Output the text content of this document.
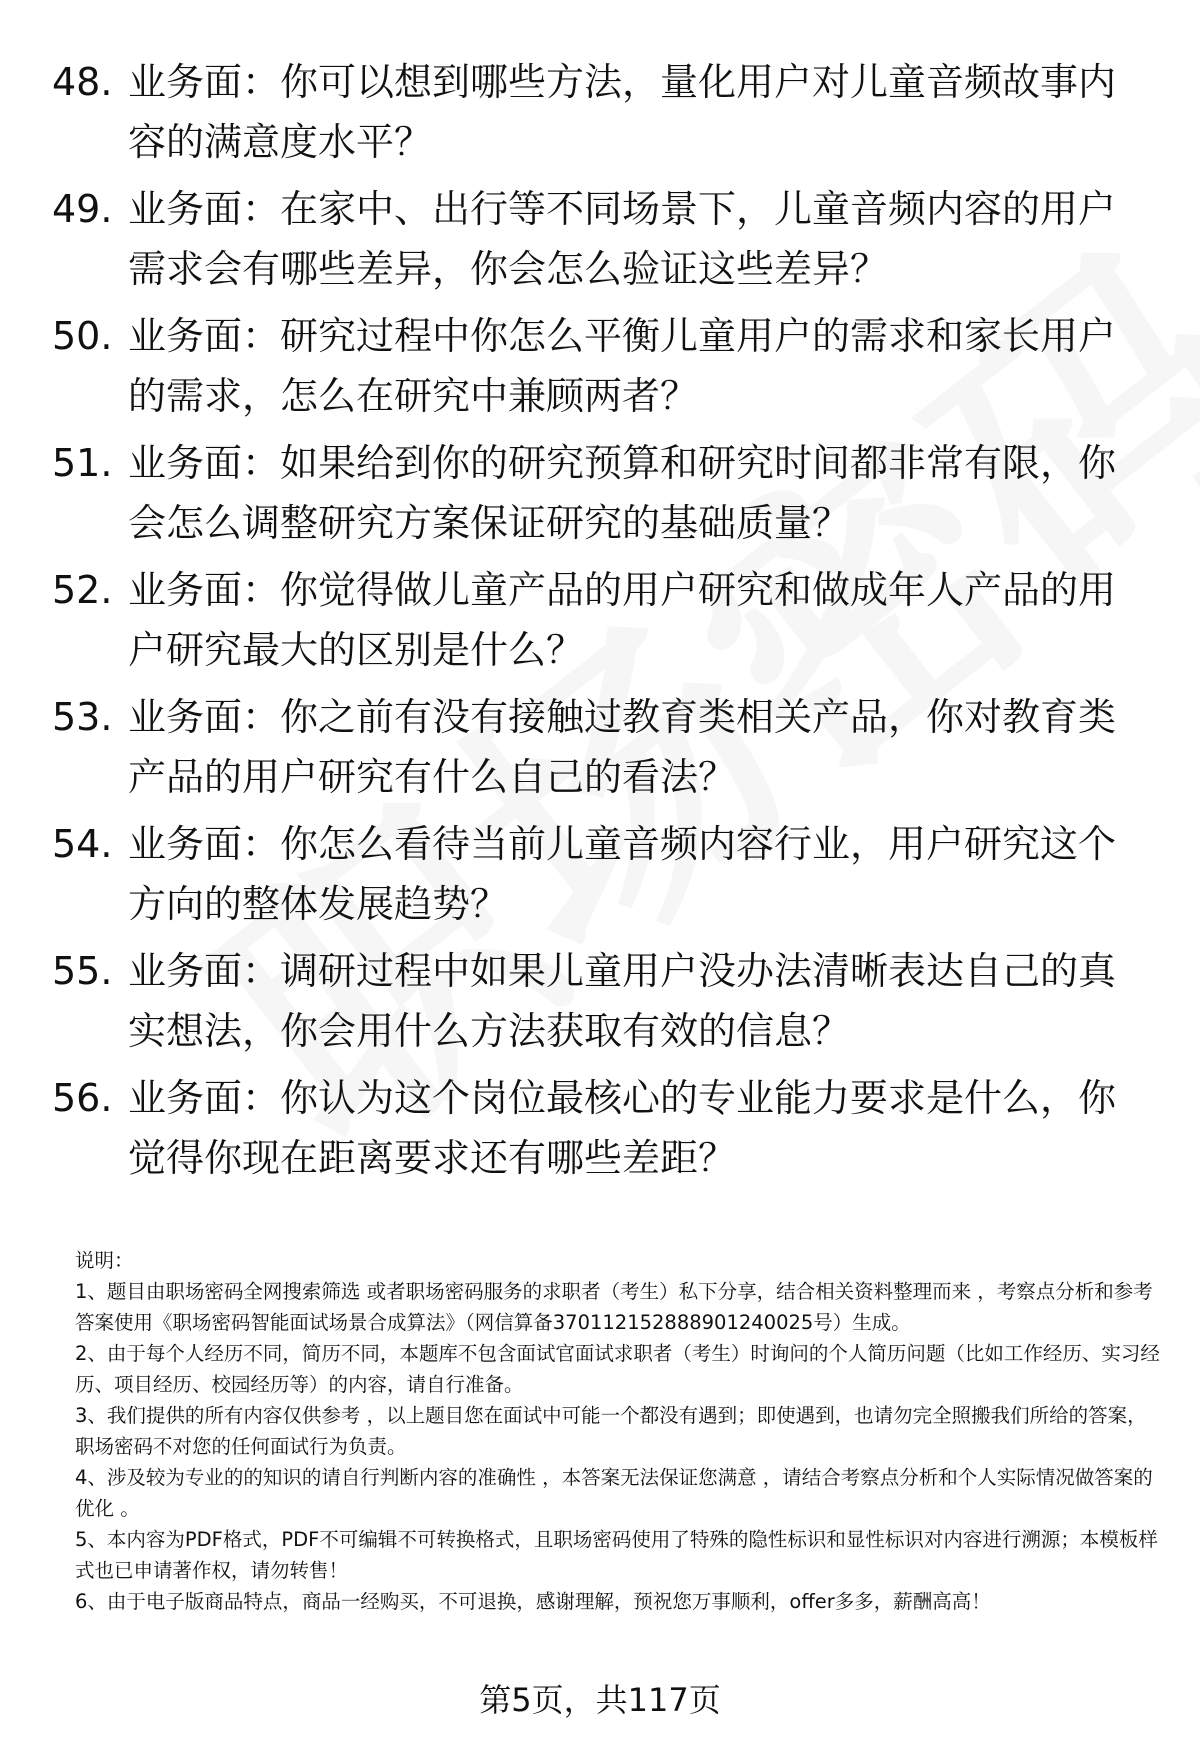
48. 业务面：你可以想到哪些方法，量化用户对儿童音频故事内容的满意度水平？
49. 业务面：在家中、出行等不同场景下，儿童音频内容的用户需求会有哪些差异，你会怎么验证这些差异？
50. 业务面：研究过程中你怎么平衡儿童用户的需求和家长用户的需求，怎么在研究中兼顾两者？
51. 业务面：如果给到你的研究预算和研究时间都非常有限，你会怎么调整研究方案保证研究的基础质量？
52. 业务面：你觉得做儿童产品的用户研究和做成年人产品的用户研究最大的区别是什么？
53. 业务面：你之前有没有接触过教育类相关产品，你对教育类产品的用户研究有什么自己的看法？
54. 业务面：你怎么看待当前儿童音频内容行业，用户研究这个方向的整体发展趋势？
55. 业务面：调研过程中如果儿童用户没办法清晰表达自己的真实想法，你会用什么方法获取有效的信息？
56. 业务面：你认为这个岗位最核心的专业能力要求是什么，你觉得你现在距离要求还有哪些差距？
说明：

1、题目由职场密码全网搜索筛选 或者职场密码服务的求职者（考生）私下分享，结合相关资料整理而来 ，考察点分析和参考答案使用《职场密码智能面试场景合成算法》（网信算备370112152888901240025号）生成。

2、由于每个人经历不同，简历不同，本题库不包含面试官面试求职者（考生）时询问的个人简历问题（比如工作经历、实习经历、项目经历、校园经历等）的内容，请自行准备。

3、我们提供的所有内容仅供参考 ，以上题目您在面试中可能一个都没有遇到；即使遇到，也请勿完全照搬我们所给的答案，职场密码不对您的任何面试行为负责。

4、涉及较为专业的的知识的请自行判断内容的准确性 ，本答案无法保证您满意 ，请结合考察点分析和个人实际情况做答案的优化 。

5、本内容为PDF格式，PDF不可编辑不可转换格式，且职场密码使用了特殊的隐性标识和显性标识对内容进行溯源；本模板样式也已申请著作权，请勿转售！

6、由于电子版商品特点，商品一经购买，不可退换，感谢理解，预祝您万事顺利，offer多多，薪酬高高！

第5页，共117页
